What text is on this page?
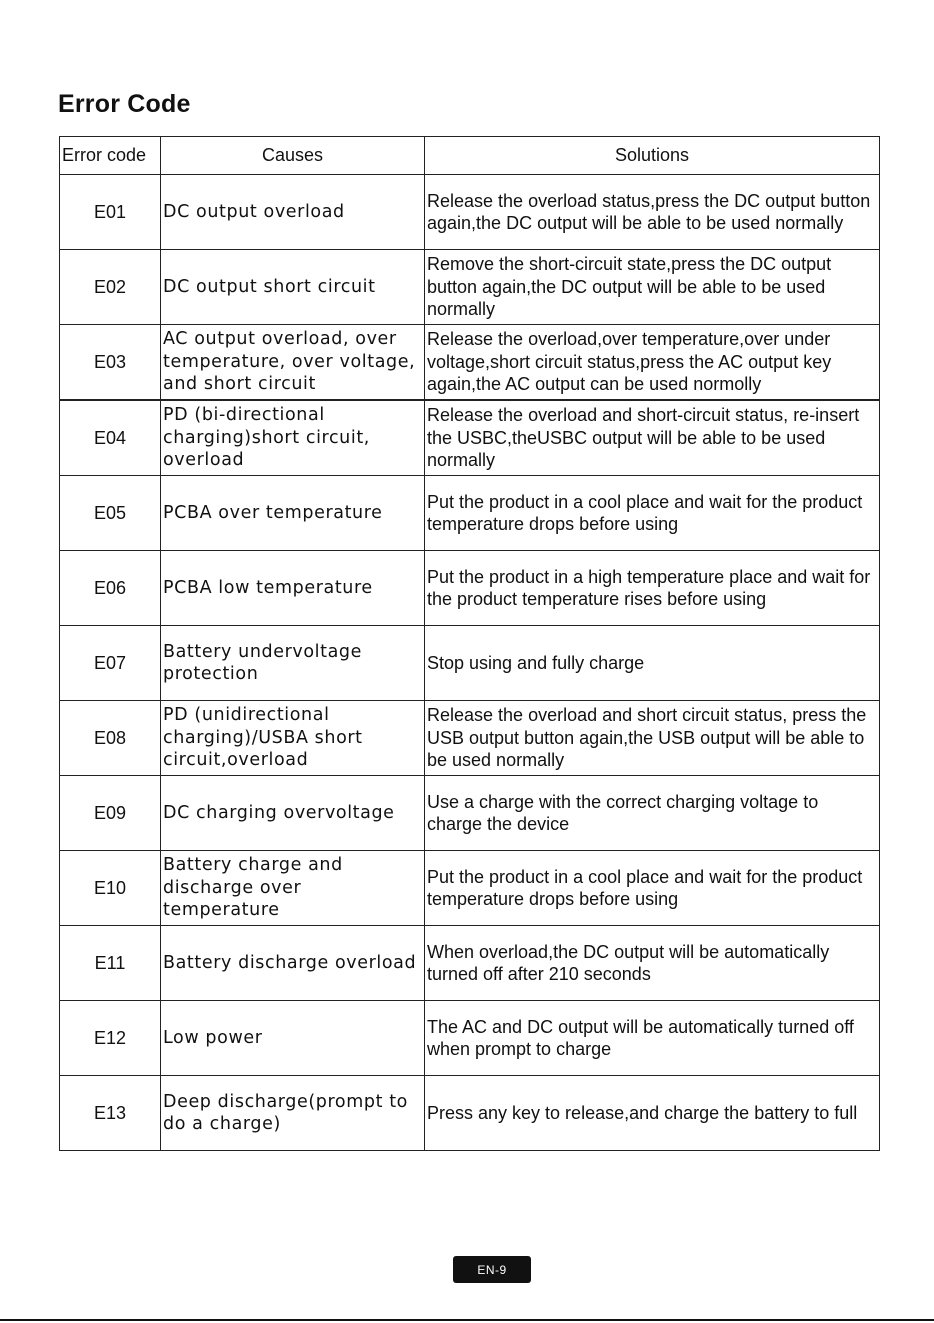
Error Code
Error code	Causes	Solutions
E01	DC output overload	Release the overload status,press the DC output button again,the DC output will be able to be used normally
E02	DC output short circuit	Remove the short-circuit state,press the DC output button again,the DC output will be able to be used normally
E03	AC output overload, over temperature, over voltage, and short circuit	Release the overload,over temperature,over under voltage,short circuit status,press the AC output key again,the AC output can be used normolly
E04	PD (bi-directional charging)short circuit, overload	Release the overload and short-circuit status, re-insert the USBC,theUSBC output will be able to be used normally
E05	PCBA over temperature	Put the product in a cool place and wait for the product temperature drops before using
E06	PCBA low temperature	Put the product in a high temperature place and wait for the product temperature rises before using
E07	Battery undervoltage protection	Stop using and fully charge
E08	PD (unidirectional charging)/USBA short circuit,overload	Release the overload and short circuit status, press the USB output button again,the USB output will be able to be used normally
E09	DC charging overvoltage	Use a charge with the correct charging voltage to charge the device
E10	Battery charge and discharge over temperature	Put the product in a cool place and wait for the product temperature drops before using
E11	Battery discharge overload	When overload,the DC output will be automatically turned off after 210 seconds
E12	Low power	The AC and DC output will be automatically turned off when prompt to charge
E13	Deep discharge(prompt to do a charge)	Press any key to release,and charge the battery to full
EN-9
